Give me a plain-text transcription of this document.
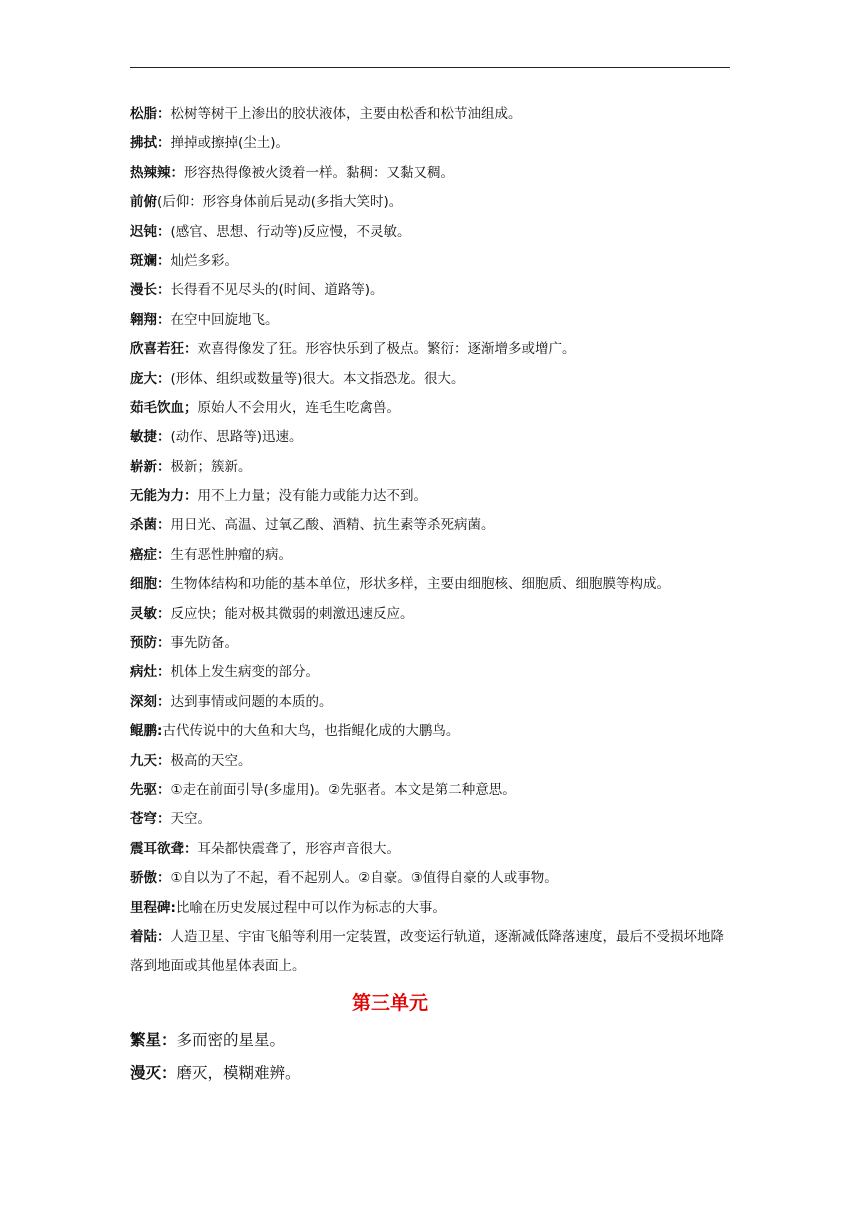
松脂：松树等树干上渗出的胶状液体，主要由松香和松节油组成。
拂拭：掸掉或擦掉(尘土)。
热辣辣：形容热得像被火烫着一样。黏稠：又黏又稠。
前俯(后仰：形容身体前后晃动(多指大笑时)。
迟钝：(感官、思想、行动等)反应慢，不灵敏。
斑斓：灿烂多彩。
漫长：长得看不见尽头的(时间、道路等)。
翱翔：在空中回旋地飞。
欣喜若狂：欢喜得像发了狂。形容快乐到了极点。繁衍：逐渐增多或增广。
庞大：(形体、组织或数量等)很大。本文指恐龙。很大。
茹毛饮血；原始人不会用火，连毛生吃禽兽。
敏捷：(动作、思路等)迅速。
崭新：极新；簇新。
无能为力：用不上力量；没有能力或能力达不到。
杀菌：用日光、高温、过氧乙酸、酒精、抗生素等杀死病菌。
癌症：生有恶性肿瘤的病。
细胞：生物体结构和功能的基本单位，形状多样，主要由细胞核、细胞质、细胞膜等构成。
灵敏：反应快；能对极其微弱的刺激迅速反应。
预防：事先防备。
病灶：机体上发生病变的部分。
深刻：达到事情或问题的本质的。
鲲鹏:古代传说中的大鱼和大鸟，也指鲲化成的大鹏鸟。
九天：极高的天空。
先驱：①走在前面引导(多虚用)。②先驱者。本文是第二种意思。
苍穹：天空。
震耳欲聋：耳朵都快震聋了，形容声音很大。
骄傲：①自以为了不起，看不起别人。②自豪。③值得自豪的人或事物。
里程碑:比喻在历史发展过程中可以作为标志的大事。
着陆：人造卫星、宇宙飞船等利用一定装置，改变运行轨道，逐渐减低降落速度，最后不受损坏地降落到地面或其他星体表面上。
第三单元
繁星：多而密的星星。
漫灭：磨灭，模糊难辨。
